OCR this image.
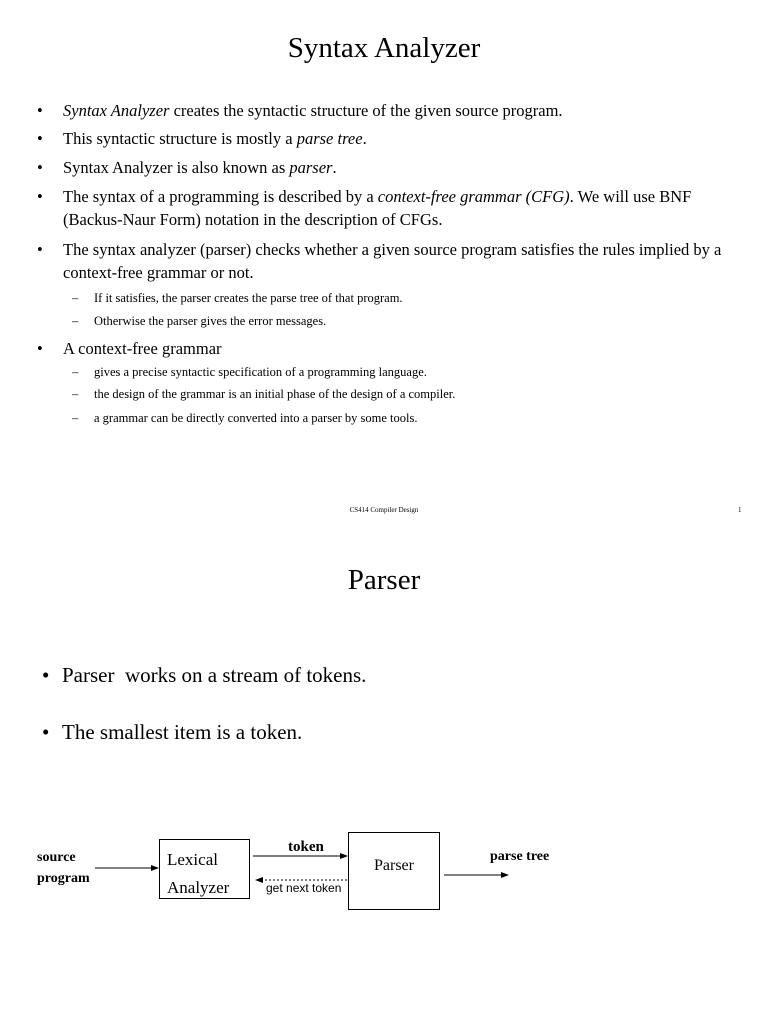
Syntax Analyzer
•	Syntax Analyzer creates the syntactic structure of the given source program.
•	This syntactic structure is mostly a parse tree.
•	Syntax Analyzer is also known as parser.
•	The syntax of a programming is described by a context-free grammar (CFG). We will use BNF (Backus-Naur Form) notation in the description of CFGs.
•	The syntax analyzer (parser) checks whether a given source program satisfies the rules implied by a context-free grammar or not.
–	If it satisfies, the parser creates the parse tree of that program.
–	Otherwise the parser gives the error messages.
•	A context-free grammar
–	gives a precise syntactic specification of a programming language.
–	the design of the grammar is an initial phase of the design of a compiler.
–	a grammar can be directly converted into a parser by some tools.
CS414 Compiler Design	1
Parser
• Parser  works on a stream of tokens.
• The smallest item is a token.
source
program
Lexical
Analyzer
token
get next token
Parser
parse tree
